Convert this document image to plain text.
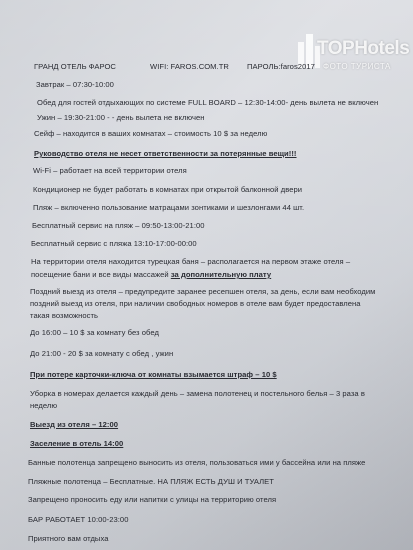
TOPHotels
ФОТО ТУРИСТА
ГРАНД ОТЕЛЬ ФАРОС	WIFI: FAROS.COM.TR ПАРОЛЬ:faros2017
Завтрак – 07:30-10:00
Обед для гостей отдыхающих по системе FULL BOARD – 12:30-14:00- день вылета не включен
Ужин – 19:30-21:00 - - день вылета не включен
Сейф – находится в ваших комнатах – стоимость 10 $ за неделю
Руководство отеля не несет ответственности за потерянные вещи!!!
Wi-Fi – работает на всей территории отеля
Кондиционер не будет работать в комнатах при открытой балконной двери
Пляж – включенно пользование матрацами зонтиками и шезлонгами 44 шт.
Бесплатный сервис на пляж – 09:50-13:00-21:00
Бесплатный сервис с пляжа 13:10-17:00-00:00
На территории отеля находится турецкая баня – располагается на первом этаже отеля –
посещение бани и все виды массажей за дополнительную плату
Поздний выезд из отеля – предупредите заранее ресепшен отеля, за день, если вам необходим
поздний выезд из отеля, при наличии свободных номеров в отеле вам будет предоставлена
такая возможность
До 16:00 – 10 $ за комнату без обед
До 21:00 - 20 $ за комнату с обед , ужин
При потере карточки-ключа от комнаты взымается штраф – 10 $
Уборка в номерах делается каждый день – замена полотенец и постельного белья – 3 раза в
неделю
Выезд из отеля – 12:00
Заселение в отель 14:00
Банные полотенца запрещено выносить из отеля, пользоваться ими у бассейна или на пляже
Пляжные полотенца – Бесплатные. НА ПЛЯЖ ЕСТЬ ДУШ И ТУАЛЕТ
Запрещено проносить еду или напитки с улицы на территорию отеля
БАР РАБОТАЕТ 10:00-23:00
Приятного вам отдыха
